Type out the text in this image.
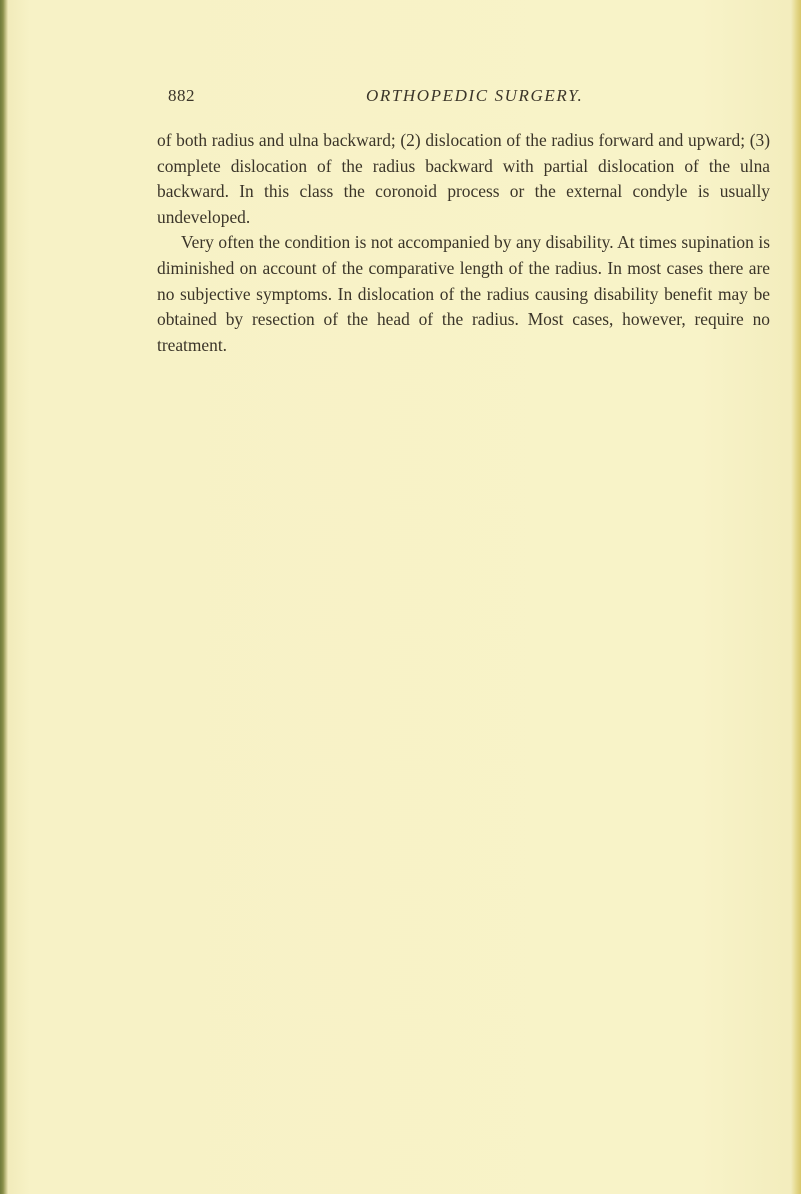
882	ORTHOPEDIC SURGERY.

of both radius and ulna backward; (2) dislocation of the radius forward and upward; (3) complete dislocation of the radius backward with partial dislocation of the ulna backward. In this class the coronoid process or the external condyle is usually undeveloped.

Very often the condition is not accompanied by any disability. At times supination is diminished on account of the comparative length of the radius. In most cases there are no subjective symptoms. In dislocation of the radius causing disability benefit may be obtained by resection of the head of the radius. Most cases, however, require no treatment.
